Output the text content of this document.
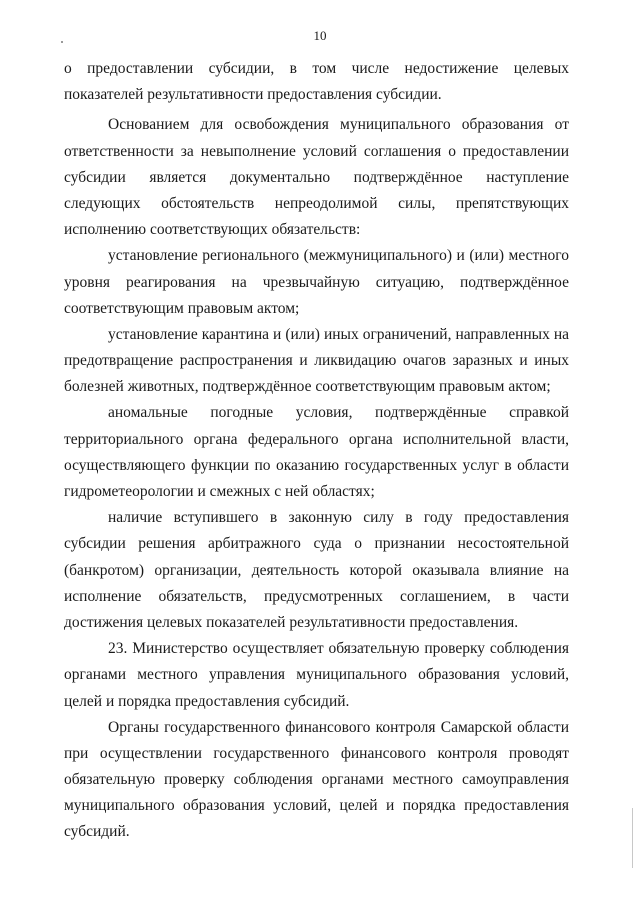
10
о предоставлении субсидии, в том числе недостижение целевых
показателей результативности предоставления субсидии.
Основанием для освобождения муниципального образования от
ответственности за невыполнение условий соглашения о предоставлении
субсидии является документально подтверждённое наступление
следующих обстоятельств непреодолимой силы, препятствующих
исполнению соответствующих обязательств:
установление регионального (межмуниципального) и (или) местного
уровня реагирования на чрезвычайную ситуацию, подтверждённое
соответствующим правовым актом;
установление карантина и (или) иных ограничений, направленных на
предотвращение распространения и ликвидацию очагов заразных и иных
болезней животных, подтверждённое соответствующим правовым актом;
аномальные погодные условия, подтверждённые справкой
территориального органа федерального органа исполнительной власти,
осуществляющего функции по оказанию государственных услуг в области
гидрометеорологии и смежных с ней областях;
наличие вступившего в законную силу в году предоставления
субсидии решения арбитражного суда о признании несостоятельной
(банкротом) организации, деятельность которой оказывала влияние на
исполнение обязательств, предусмотренных соглашением, в части
достижения целевых показателей результативности предоставления.
23. Министерство осуществляет обязательную проверку соблюдения
органами местного управления муниципального образования условий,
целей и порядка предоставления субсидий.
Органы государственного финансового контроля Самарской области
при осуществлении государственного финансового контроля проводят
обязательную проверку соблюдения органами местного самоуправления
муниципального образования условий, целей и порядка предоставления
субсидий.
